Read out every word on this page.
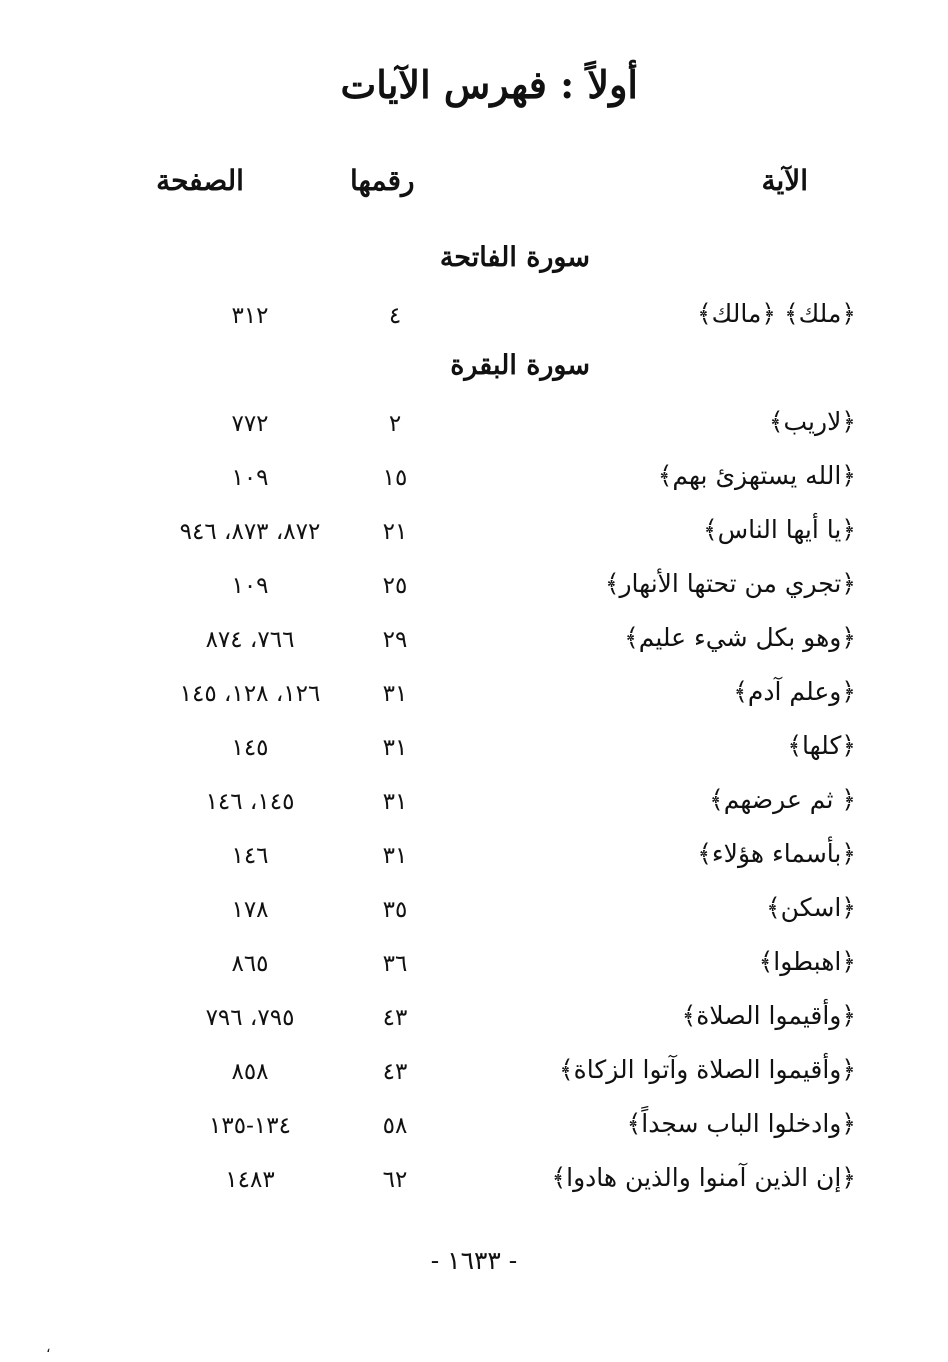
أولاً : فهرس الآيات
الآية
رقمها
الصفحة
سورة الفاتحة
﴿ملك﴾ ﴿مالك﴾
٤
٣١٢
سورة البقرة
﴿لاريب﴾
٢
٧٧٢
﴿الله يستهزئ بهم﴾
١٥
١٠٩
﴿يا أيها الناس﴾
٢١
٨٧٢، ٨٧٣، ٩٤٦
﴿تجري من تحتها الأنهار﴾
٢٥
١٠٩
﴿وهو بكل شيء عليم﴾
٢٩
٧٦٦، ٨٧٤
﴿وعلم آدم﴾
٣١
١٢٦، ١٢٨، ١٤٥
﴿كلها﴾
٣١
١٤٥
﴿ ثم عرضهم﴾
٣١
١٤٥، ١٤٦
﴿بأسماء هؤلاء﴾
٣١
١٤٦
﴿اسكن﴾
٣٥
١٧٨
﴿اهبطوا﴾
٣٦
٨٦٥
﴿وأقيموا الصلاة﴾
٤٣
٧٩٥، ٧٩٦
﴿وأقيموا الصلاة وآتوا الزكاة﴾
٤٣
٨٥٨
﴿وادخلوا الباب سجداً﴾
٥٨
١٣٤-١٣٥
﴿إن الذين آمنوا والذين هادوا﴾
٦٢
١٤٨٣
- ١٦٣٣ -
،
